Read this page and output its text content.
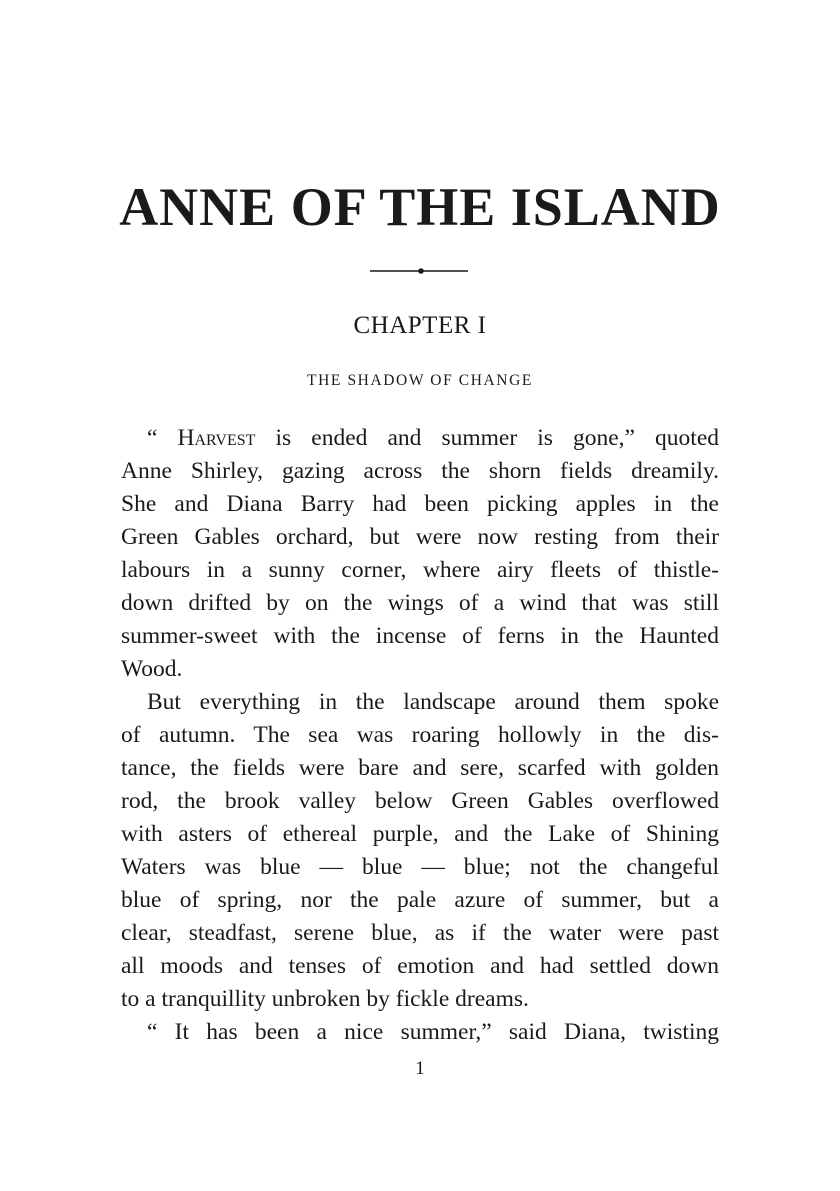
ANNE OF THE ISLAND
CHAPTER I
THE SHADOW OF CHANGE
“ Harvest is ended and summer is gone,” quoted
Anne Shirley, gazing across the shorn fields dreamily.
She and Diana Barry had been picking apples in the
Green Gables orchard, but were now resting from their
labours in a sunny corner, where airy fleets of thistle-
down drifted by on the wings of a wind that was still
summer-sweet with the incense of ferns in the Haunted
Wood.
But everything in the landscape around them spoke
of autumn. The sea was roaring hollowly in the dis-
tance, the fields were bare and sere, scarfed with golden
rod, the brook valley below Green Gables overflowed
with asters of ethereal purple, and the Lake of Shining
Waters was blue — blue — blue; not the changeful
blue of spring, nor the pale azure of summer, but a
clear, steadfast, serene blue, as if the water were past
all moods and tenses of emotion and had settled down
to a tranquillity unbroken by fickle dreams.
“ It has been a nice summer,” said Diana, twisting
1
